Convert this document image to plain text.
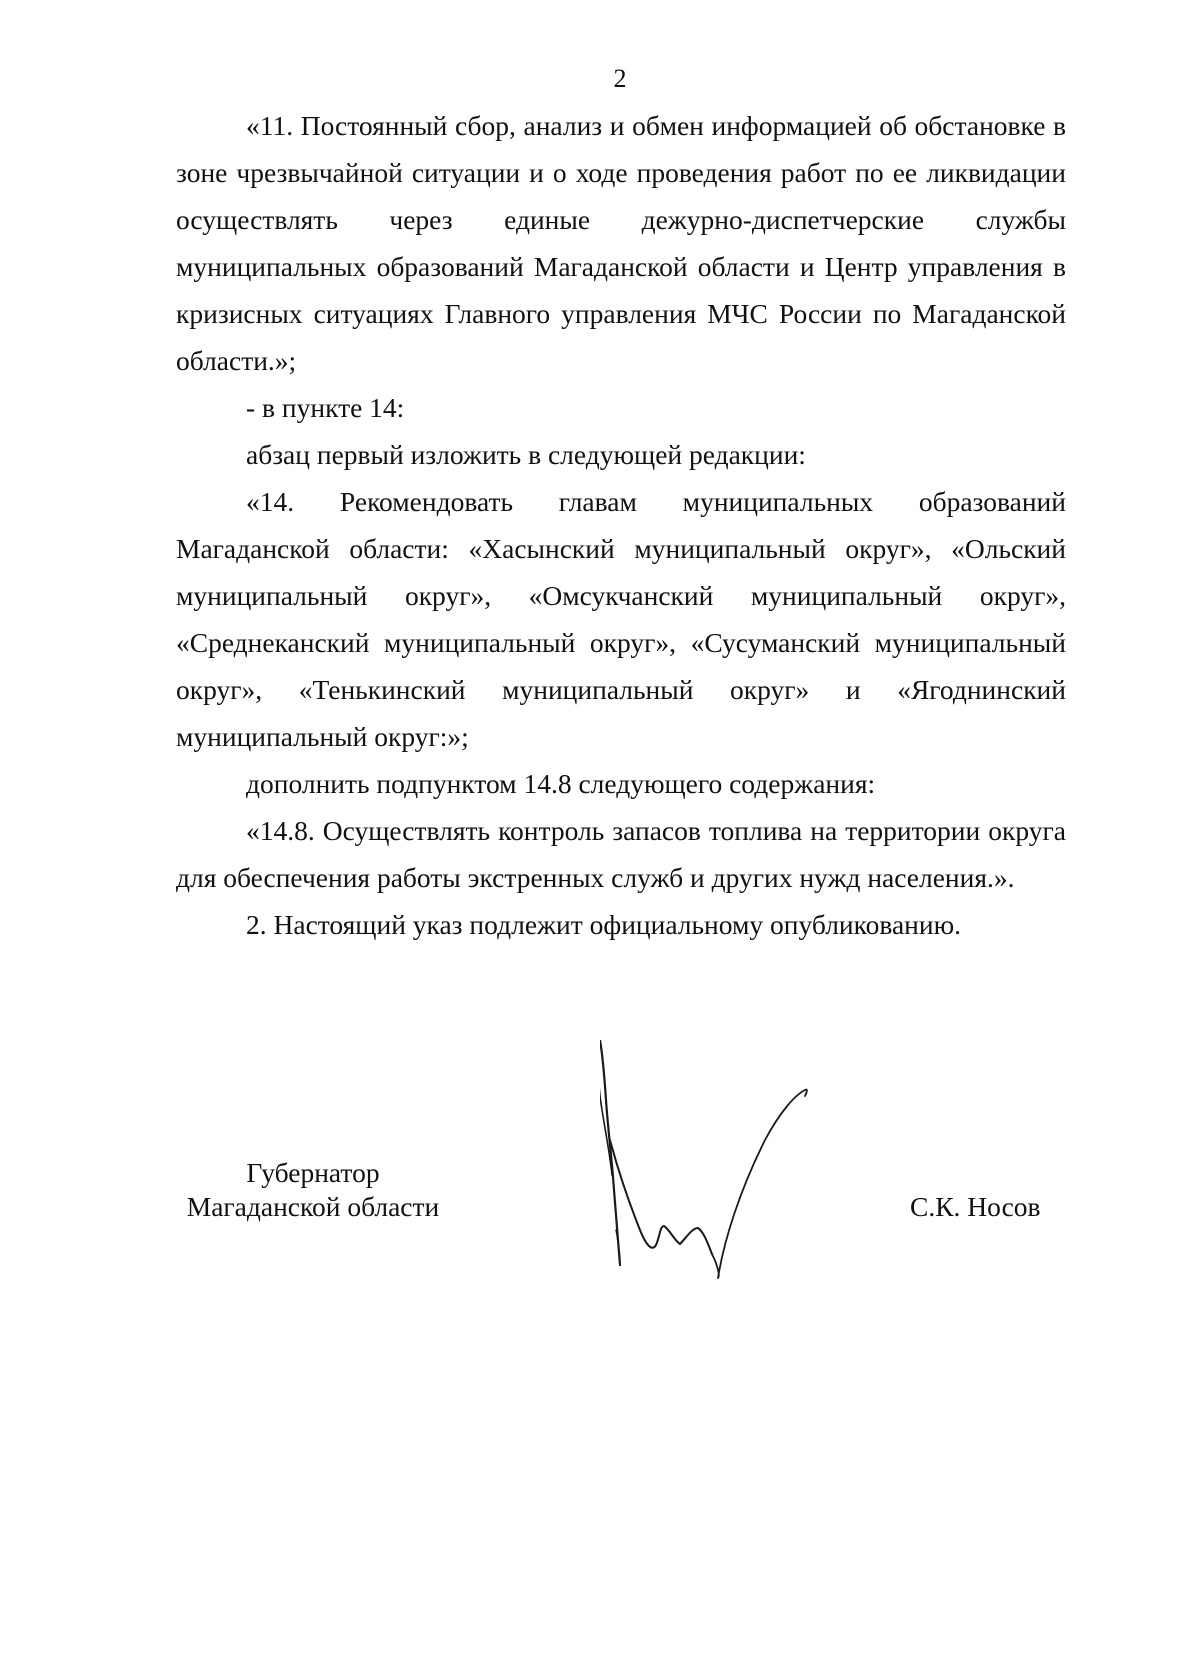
2

«11. Постоянный сбор, анализ и обмен информацией об обстановке в зоне чрезвычайной ситуации и о ходе проведения работ по ее ликвидации осуществлять через единые дежурно-диспетчерские службы муниципальных образований Магаданской области и Центр управления в кризисных ситуациях Главного управления МЧС России по Магаданской области.»;

- в пункте 14:

абзац первый изложить в следующей редакции:

«14. Рекомендовать главам муниципальных образований Магаданской области: «Хасынский муниципальный округ», «Ольский муниципальный округ», «Омсукчанский муниципальный округ», «Среднеканский муниципальный округ», «Сусуманский муниципальный округ», «Тенькинский муниципальный округ» и «Ягоднинский муниципальный округ:»;

дополнить подпунктом 14.8 следующего содержания:

«14.8. Осуществлять контроль запасов топлива на территории округа для обеспечения работы экстренных служб и других нужд населения.».

2. Настоящий указ подлежит официальному опубликованию.

Губернатор
Магаданской области	С.К. Носов
